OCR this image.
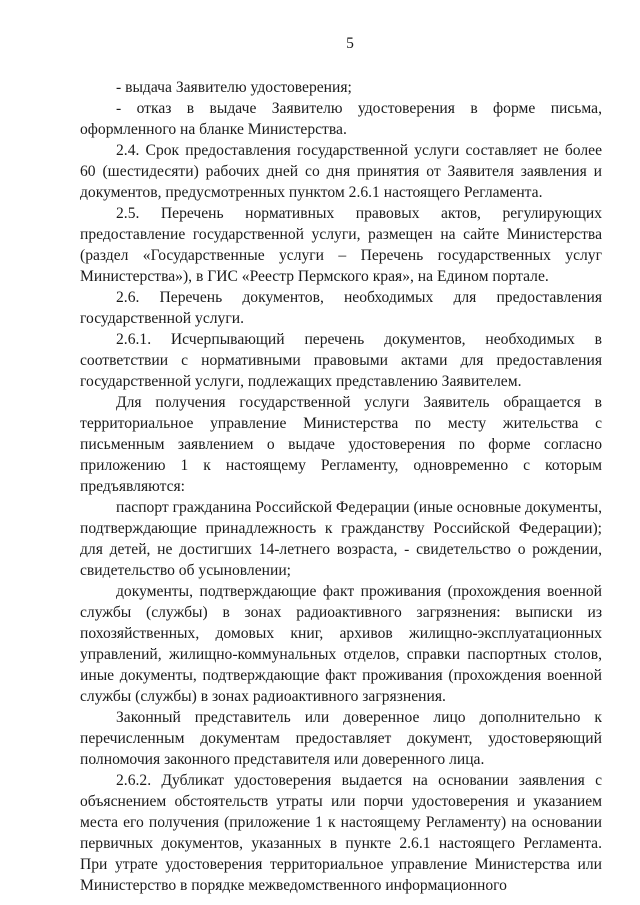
5

- выдача Заявителю удостоверения;

- отказ в выдаче Заявителю удостоверения в форме письма, оформленного на бланке Министерства.

2.4. Срок предоставления государственной услуги составляет не более 60 (шестидесяти) рабочих дней со дня принятия от Заявителя заявления и документов, предусмотренных пунктом 2.6.1 настоящего Регламента.

2.5. Перечень нормативных правовых актов, регулирующих предоставление государственной услуги, размещен на сайте Министерства (раздел «Государственные услуги – Перечень государственных услуг Министерства»), в ГИС «Реестр Пермского края», на Едином портале.

2.6. Перечень документов, необходимых для предоставления государственной услуги.

2.6.1. Исчерпывающий перечень документов, необходимых в соответствии с нормативными правовыми актами для предоставления государственной услуги, подлежащих представлению Заявителем.

Для получения государственной услуги Заявитель обращается в территориальное управление Министерства по месту жительства с письменным заявлением о выдаче удостоверения по форме согласно приложению 1 к настоящему Регламенту, одновременно с которым предъявляются:

паспорт гражданина Российской Федерации (иные основные документы, подтверждающие принадлежность к гражданству Российской Федерации); для детей, не достигших 14-летнего возраста, - свидетельство о рождении, свидетельство об усыновлении;

документы, подтверждающие факт проживания (прохождения военной службы (службы) в зонах радиоактивного загрязнения: выписки из похозяйственных, домовых книг, архивов жилищно-эксплуатационных управлений, жилищно-коммунальных отделов, справки паспортных столов, иные документы, подтверждающие факт проживания (прохождения военной службы (службы) в зонах радиоактивного загрязнения.

Законный представитель или доверенное лицо дополнительно к перечисленным документам предоставляет документ, удостоверяющий полномочия законного представителя или доверенного лица.

2.6.2. Дубликат удостоверения выдается на основании заявления с объяснением обстоятельств утраты или порчи удостоверения и указанием места его получения (приложение 1 к настоящему Регламенту) на основании первичных документов, указанных в пункте 2.6.1 настоящего Регламента. При утрате удостоверения территориальное управление Министерства или Министерство в порядке межведомственного информационного
